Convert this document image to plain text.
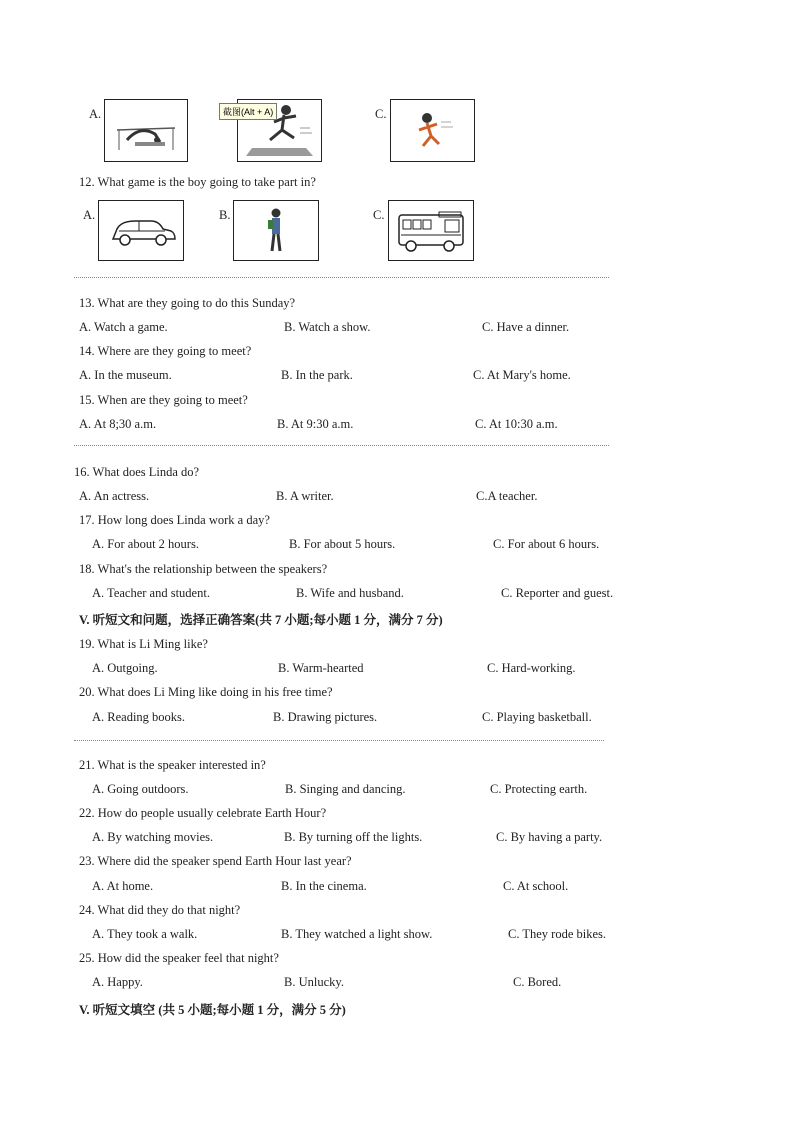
A.	截图(Alt + A)	C.
12. What game is the boy going to take part in?
A.	B.	C.
13. What are they going to do this Sunday?
A. Watch a game.	B. Watch a show.	C. Have a dinner.
14. Where are they going to meet?
A. In the museum.	B. In the park.	C. At Mary's home.
15. When are they going to meet?
A. At 8;30 a.m.	B. At 9:30 a.m.	C. At 10:30 a.m.
16. What does Linda do?
A. An actress.	B. A writer.	C.A teacher.
17. How long does Linda work a day?
A. For about 2 hours.	B. For about 5 hours.	C. For about 6 hours.
18. What's the relationship between the speakers?
A. Teacher and student.	B. Wife and husband.	C. Reporter and guest.
V. 听短文和问题，选择正确答案(共 7 小题;每小题 1 分，满分 7 分)
19. What is Li Ming like?
A. Outgoing.	B. Warm-hearted	C. Hard-working.
20. What does Li Ming like doing in his free time?
A. Reading books.	B. Drawing pictures.	C. Playing basketball.
21. What is the speaker interested in?
A. Going outdoors.	B. Singing and dancing.	C. Protecting earth.
22. How do people usually celebrate Earth Hour?
A. By watching movies.	B. By turning off the lights.	C. By having a party.
23. Where did the speaker spend Earth Hour last year?
A. At home.	B. In the cinema.	C. At school.
24. What did they do that night?
A. They took a walk.	B. They watched a light show.	C. They rode bikes.
25. How did the speaker feel that night?
A. Happy.	B. Unlucky.	C. Bored.
V. 听短文填空 (共 5 小题;每小题 1 分，满分 5 分)
